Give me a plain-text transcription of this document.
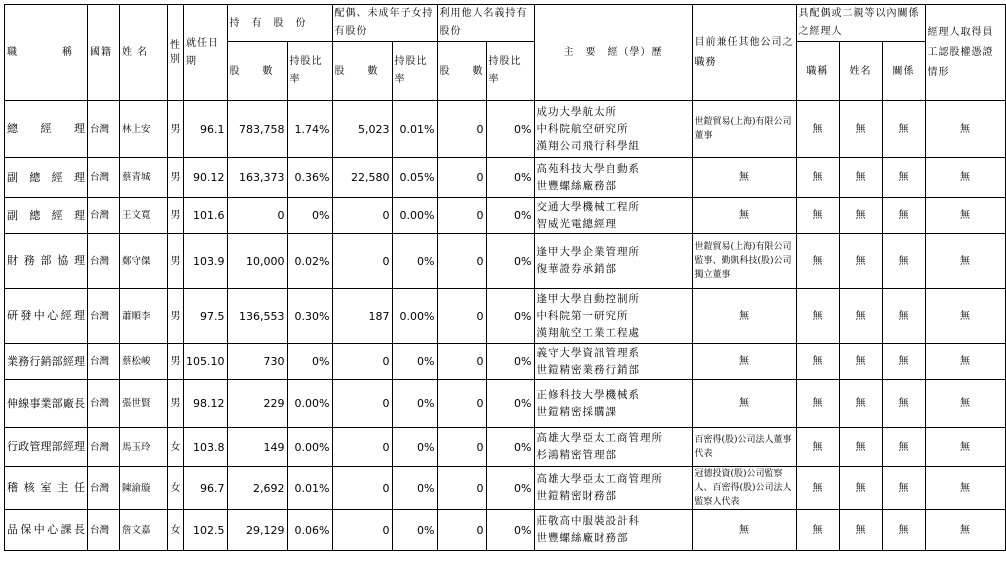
職　　　　稱	國籍	姓 名	性別	就任日期	持　有　股　份		配偶、未成年子女持有股份		利用他人名義持有股份		主　要　經（學）歷	目前兼任其他公司之職務	具配偶或二親等以內關係之經理人			經理人取得員工認股權憑證情形
					股　　數	持股比率	股　　數	持股比率	股　　數	持股比率			職稱	姓名	關係	
總　　經　　理	台灣	林上安	男	96.1	783,758	1.74%	5,023	0.01%	0	0%	成功大學航太所
中科院航空研究所
漢翔公司飛行科學組	世鎧貿易(上海)有限公司董事	無	無	無	無
副　總　經　理	台灣	蔡青城	男	90.12	163,373	0.36%	22,580	0.05%	0	0%	高苑科技大學自動系
世豐螺絲廠務部	無	無	無	無	無
副　總　經　理	台灣	王文寬	男	101.6	0	0%	0	0.00%	0	0%	交通大學機械工程所
智威光電總經理	無	無	無	無	無
財務部協理	台灣	鄭守傑	男	103.9	10,000	0.02%	0	0%	0	0%	逢甲大學企業管理所
復華證券承銷部	世鎧貿易(上海)有限公司監事、勤凱科技(股)公司獨立董事	無	無	無	無
研發中心經理	台灣	蕭順李	男	97.5	136,553	0.30%	187	0.00%	0	0%	逢甲大學自動控制所
中科院第一研究所
漢翔航空工業工程處	無	無	無	無	無
業務行銷部經理	台灣	蔡松峻	男	105.10	730	0%	0	0%	0	0%	義守大學資訊管理系
世鎧精密業務行銷部	無	無	無	無	無
伸線事業部廠長	台灣	張世賢	男	98.12	229	0.00%	0	0%	0	0%	正修科技大學機械系
世鎧精密採購課	無	無	無	無	無
行政管理部經理	台灣	馬玉玲	女	103.8	149	0.00%	0	0%	0	0%	高雄大學亞太工商管理所
杉鴻精密管理部	百密得(股)公司法人董事代表	無	無	無	無
稽核室主任	台灣	陳渝璇	女	96.7	2,692	0.01%	0	0%	0	0%	高雄大學亞太工商管理所
世鎧精密財務部	冠德投資(股)公司監察人、百密得(股)公司法人監察人代表	無	無	無	無
品保中心課長	台灣	詹文嘉	女	102.5	29,129	0.06%	0	0%	0	0%	莊敬高中服裝設計科
世豐螺絲廠財務部	無	無	無	無	無
